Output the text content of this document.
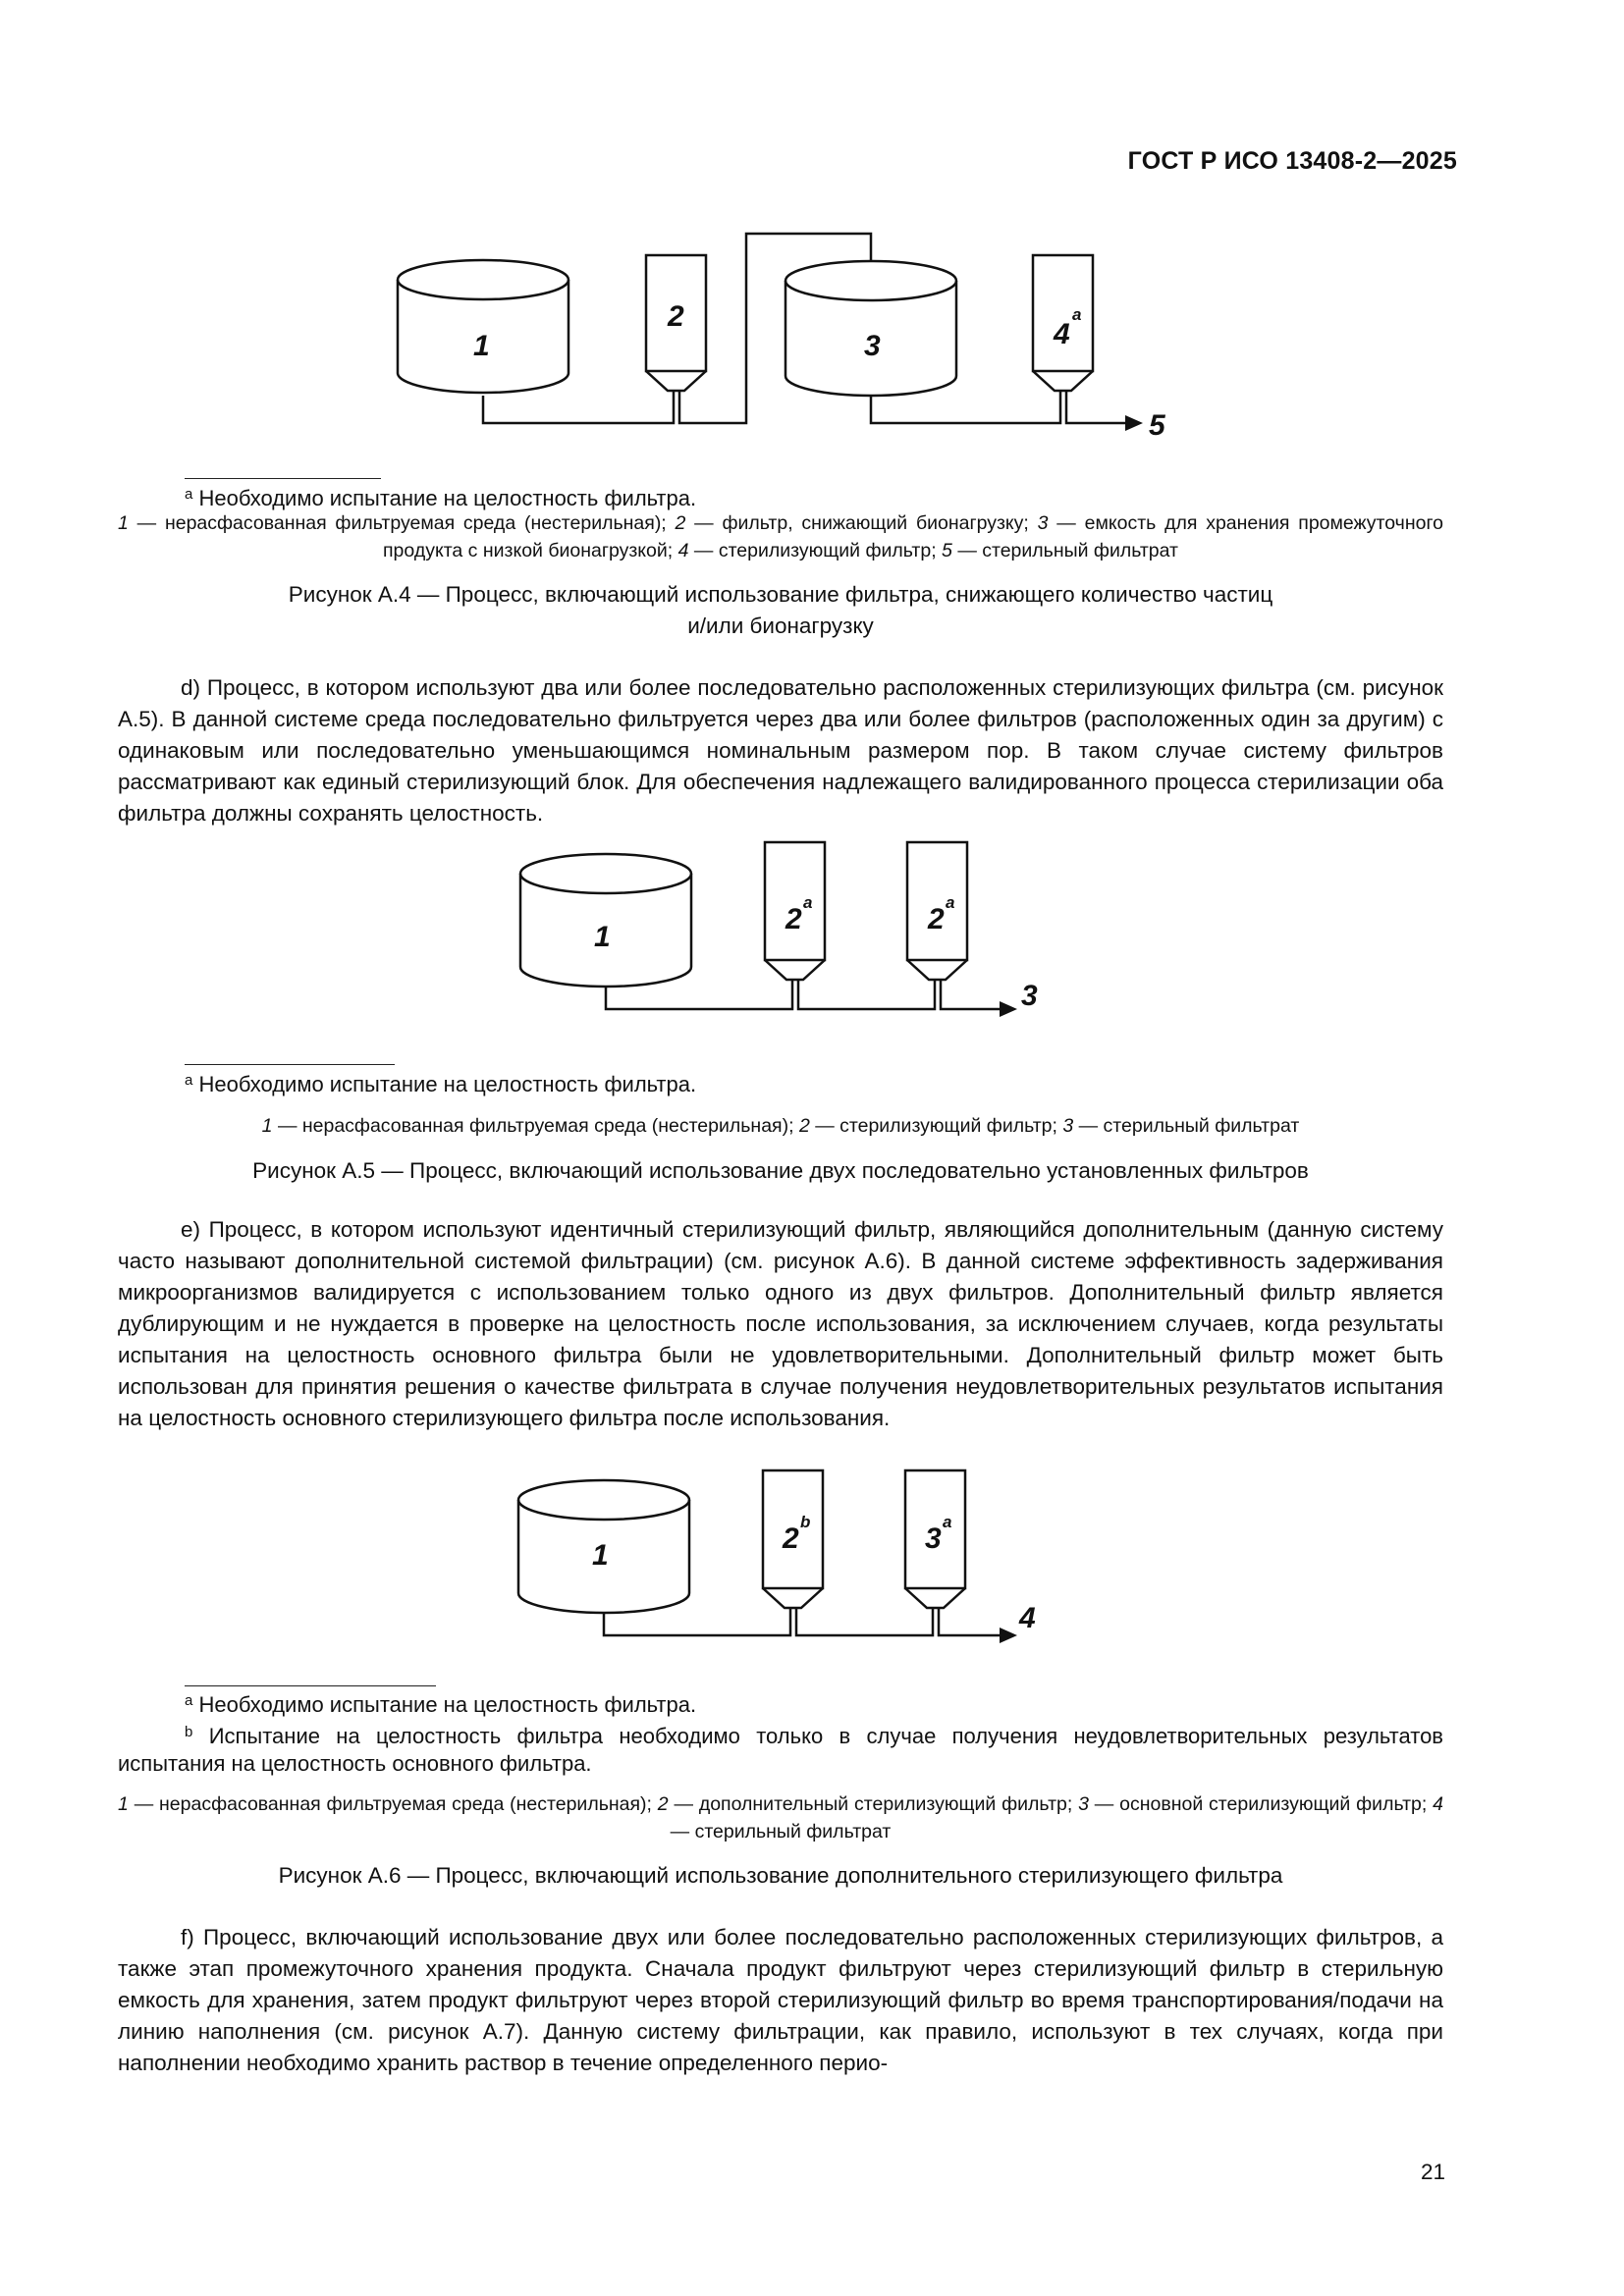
ГОСТ Р ИСО 13408-2—2025
1
2
3	4
a
5
$^a$ Необходимо испытание на целостность фильтра.
1 — нерасфасованная фильтруемая среда (нестерильная); 2 — фильтр, снижающий бионагрузку; 3 — емкость для хранения промежуточного продукта с низкой бионагрузкой; 4 — стерилизующий фильтр; 5 — стерильный фильтрат
Рисунок А.4 — Процесс, включающий использование фильтра, снижающего количество частиц
и/или бионагрузку
d) Процесс, в котором используют два или более последовательно расположенных стерилизующих фильтра (см. рисунок А.5). В данной системе среда последовательно фильтруется через два или более фильтров (расположенных один за другим) с одинаковым или последовательно уменьшающимся номинальным размером пор. В таком случае систему фильтров рассматривают как единый стерилизующий блок. Для обеспечения надлежащего валидированного процесса стерилизации оба фильтра должны сохранять целостность.
1
2
a
2
a
3
$^a$ Необходимо испытание на целостность фильтра.
1 — нерасфасованная фильтруемая среда (нестерильная); 2 — стерилизующий фильтр; 3 — стерильный фильтрат
Рисунок А.5 — Процесс, включающий использование двух последовательно установленных фильтров
e) Процесс, в котором используют идентичный стерилизующий фильтр, являющийся дополнительным (данную систему часто называют дополнительной системой фильтрации) (см. рисунок А.6). В данной системе эффективность задерживания микроорганизмов валидируется с использованием только одного из двух фильтров. Дополнительный фильтр является дублирующим и не нуждается в проверке на целостность после использования, за исключением случаев, когда результаты испытания на целостность основного фильтра были не удовлетворительными. Дополнительный фильтр может быть использован для принятия решения о качестве фильтрата в случае получения неудовлетворительных результатов испытания на целостность основного стерилизующего фильтра после использования.
1
2
b
3
a
4
$^a$ Необходимо испытание на целостность фильтра.
$^b$ Испытание на целостность фильтра необходимо только в случае получения неудовлетворительных результатов испытания на целостность основного фильтра.
1 — нерасфасованная фильтруемая среда (нестерильная); 2 — дополнительный стерилизующий фильтр; 3 — основной стерилизующий фильтр; 4 — стерильный фильтрат
Рисунок А.6 — Процесс, включающий использование дополнительного стерилизующего фильтра
f) Процесс, включающий использование двух или более последовательно расположенных стерилизующих фильтров, а также этап промежуточного хранения продукта. Сначала продукт фильтруют через стерилизующий фильтр в стерильную емкость для хранения, затем продукт фильтруют через второй стерилизующий фильтр во время транспортирования/подачи на линию наполнения (см. рисунок А.7). Данную систему фильтрации, как правило, используют в тех случаях, когда при наполнении необходимо хранить раствор в течение определенного перио-
21
